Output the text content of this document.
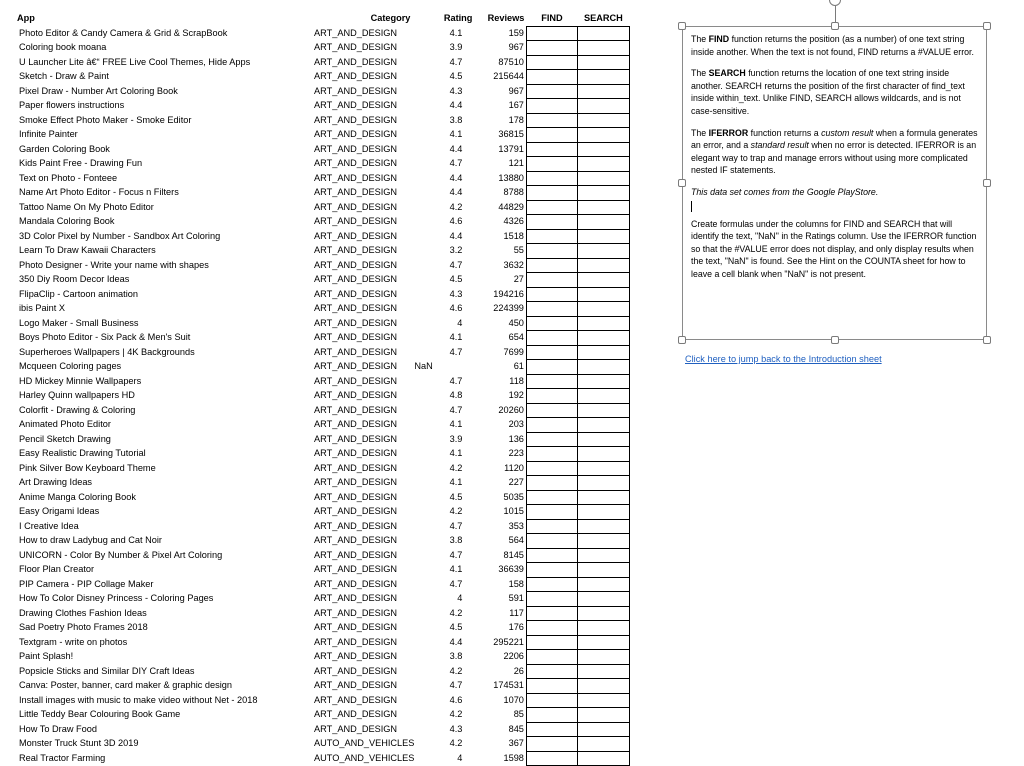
App	Category	Rating	Reviews	FIND	SEARCH
Photo Editor & Candy Camera & Grid & ScrapBook	ART_AND_DESIGN	4.1	159		
Coloring book moana	ART_AND_DESIGN	3.9	967		
U Launcher Lite â€“ FREE Live Cool Themes, Hide Apps	ART_AND_DESIGN	4.7	87510		
Sketch - Draw & Paint	ART_AND_DESIGN	4.5	215644		
Pixel Draw - Number Art Coloring Book	ART_AND_DESIGN	4.3	967		
Paper flowers instructions	ART_AND_DESIGN	4.4	167		
Smoke Effect Photo Maker - Smoke Editor	ART_AND_DESIGN	3.8	178		
Infinite Painter	ART_AND_DESIGN	4.1	36815		
Garden Coloring Book	ART_AND_DESIGN	4.4	13791		
Kids Paint Free - Drawing Fun	ART_AND_DESIGN	4.7	121		
Text on Photo - Fonteee	ART_AND_DESIGN	4.4	13880		
Name Art Photo Editor - Focus n Filters	ART_AND_DESIGN	4.4	8788		
Tattoo Name On My Photo Editor	ART_AND_DESIGN	4.2	44829		
Mandala Coloring Book	ART_AND_DESIGN	4.6	4326		
3D Color Pixel by Number - Sandbox Art Coloring	ART_AND_DESIGN	4.4	1518		
Learn To Draw Kawaii Characters	ART_AND_DESIGN	3.2	55		
Photo Designer - Write your name with shapes	ART_AND_DESIGN	4.7	3632		
350 Diy Room Decor Ideas	ART_AND_DESIGN	4.5	27		
FlipaClip - Cartoon animation	ART_AND_DESIGN	4.3	194216		
ibis Paint X	ART_AND_DESIGN	4.6	224399		
Logo Maker - Small Business	ART_AND_DESIGN	4	450		
Boys Photo Editor - Six Pack & Men's Suit	ART_AND_DESIGN	4.1	654		
Superheroes Wallpapers | 4K Backgrounds	ART_AND_DESIGN	4.7	7699		
Mcqueen Coloring pages	ART_AND_DESIGN	NaN	61		
HD Mickey Minnie Wallpapers	ART_AND_DESIGN	4.7	118		
Harley Quinn wallpapers HD	ART_AND_DESIGN	4.8	192		
Colorfit - Drawing & Coloring	ART_AND_DESIGN	4.7	20260		
Animated Photo Editor	ART_AND_DESIGN	4.1	203		
Pencil Sketch Drawing	ART_AND_DESIGN	3.9	136		
Easy Realistic Drawing Tutorial	ART_AND_DESIGN	4.1	223		
Pink Silver Bow Keyboard Theme	ART_AND_DESIGN	4.2	1120		
Art Drawing Ideas	ART_AND_DESIGN	4.1	227		
Anime Manga Coloring Book	ART_AND_DESIGN	4.5	5035		
Easy Origami Ideas	ART_AND_DESIGN	4.2	1015		
I Creative Idea	ART_AND_DESIGN	4.7	353		
How to draw Ladybug and Cat Noir	ART_AND_DESIGN	3.8	564		
UNICORN - Color By Number & Pixel Art Coloring	ART_AND_DESIGN	4.7	8145		
Floor Plan Creator	ART_AND_DESIGN	4.1	36639		
PIP Camera - PIP Collage Maker	ART_AND_DESIGN	4.7	158		
How To Color Disney Princess - Coloring Pages	ART_AND_DESIGN	4	591		
Drawing Clothes Fashion Ideas	ART_AND_DESIGN	4.2	117		
Sad Poetry Photo Frames 2018	ART_AND_DESIGN	4.5	176		
Textgram - write on photos	ART_AND_DESIGN	4.4	295221		
Paint Splash!	ART_AND_DESIGN	3.8	2206		
Popsicle Sticks and Similar DIY Craft Ideas	ART_AND_DESIGN	4.2	26		
Canva: Poster, banner, card maker & graphic design	ART_AND_DESIGN	4.7	174531		
Install images with music to make video without Net - 2018	ART_AND_DESIGN	4.6	1070		
Little Teddy Bear Colouring Book Game	ART_AND_DESIGN	4.2	85		
How To Draw Food	ART_AND_DESIGN	4.3	845		
Monster Truck Stunt 3D 2019	AUTO_AND_VEHICLES	4.2	367		
Real Tractor Farming	AUTO_AND_VEHICLES	4	1598		

The FIND function returns the position (as a number) of one text string inside another. When the text is not found, FIND returns a #VALUE error.

The SEARCH function returns the location of one text string inside another. SEARCH returns the position of the first character of find_text inside within_text. Unlike FIND, SEARCH allows wildcards, and is not case-sensitive.

The IFERROR function returns a custom result when a formula generates an error, and a standard result when no error is detected. IFERROR is an elegant way to trap and manage errors without using more complicated nested IF statements.

This data set comes from the Google PlayStore.

Create formulas under the columns for FIND and SEARCH that will identify the text, "NaN" in the Ratings column. Use the IFERROR function so that the #VALUE error does not display, and only display results when the text, "NaN" is found. See the Hint on the COUNTA sheet for how to leave a cell blank when "NaN" is not present.

Click here to jump back to the Introduction sheet
